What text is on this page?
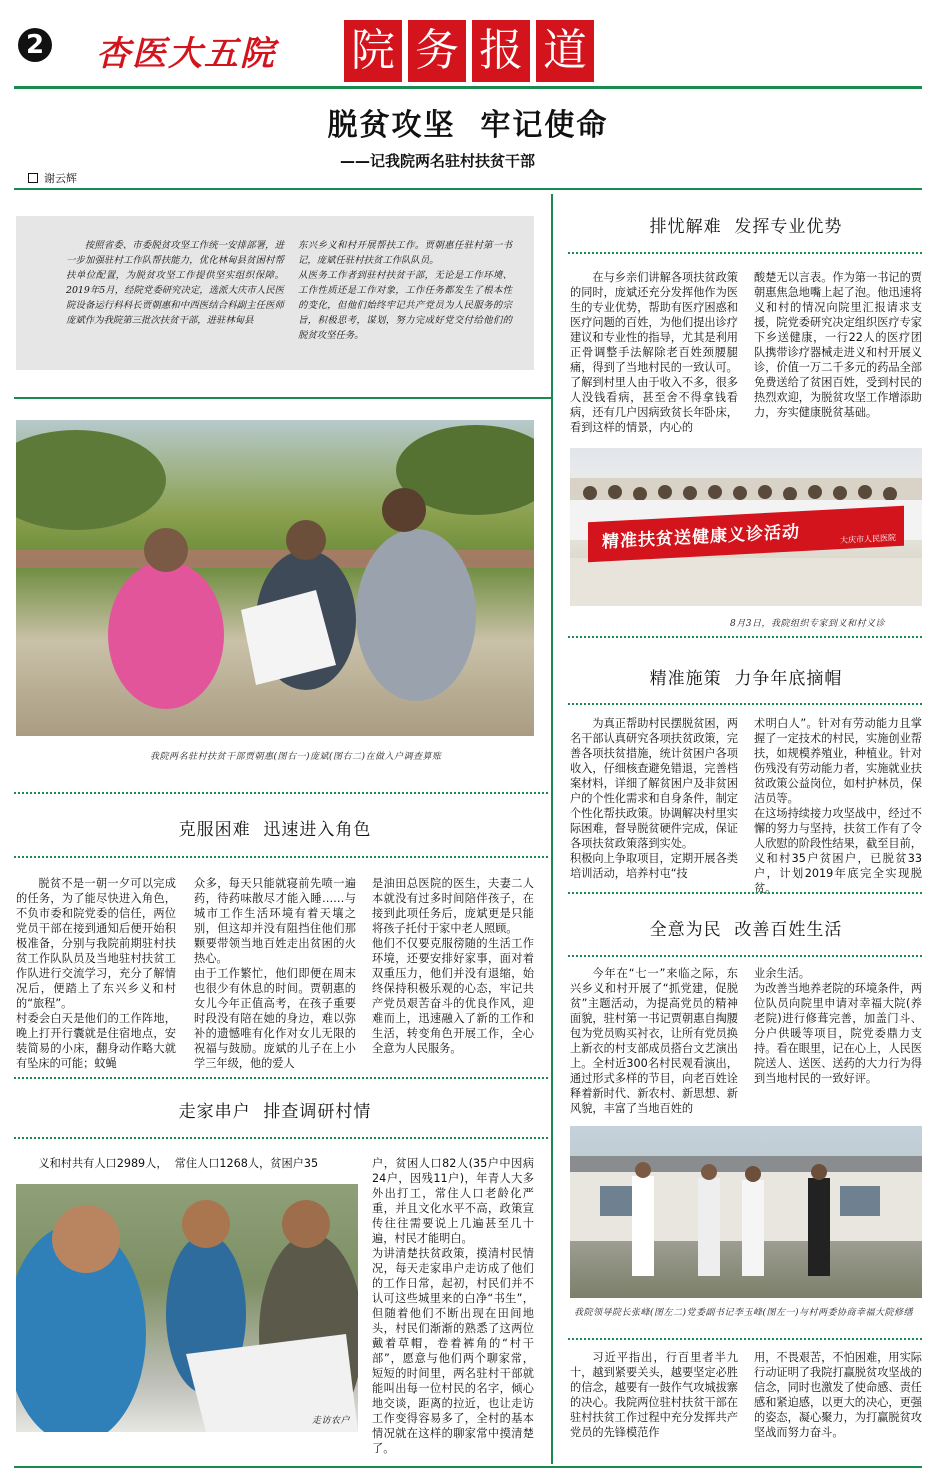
2 杏医大五院 院 务 报 道
脱贫攻坚  牢记使命
——记我院两名驻村扶贫干部
谢云辉
按照省委、市委脱贫攻坚工作统一安排部署，进一步加强驻村工作队帮扶能力，优化林甸县贫困村帮扶单位配置，为脱贫攻坚工作提供坚实组织保障。2019年5月，经院党委研究决定，选派大庆市人民医院设备运行科科长贾朝惠和中西医结合科副主任医师庞斌作为我院第三批次扶贫干部，进驻林甸县
东兴乡义和村开展帮扶工作。贾朝惠任驻村第一书记，庞斌任驻村扶贫工作队队员。
从医务工作者到驻村扶贫干部，无论是工作环境、工作性质还是工作对象，工作任务都发生了根本性的变化，但他们始终牢记共产党员为人民服务的宗旨，积极思考，谋划，努力完成好党交付给他们的脱贫攻坚任务。
我院两名驻村扶贫干部贾朝惠(图右一)庞斌(图右二)在做入户调查算账
克服困难  迅速进入角色
脱贫不是一朝一夕可以完成的任务，为了能尽快进入角色，不负市委和院党委的信任，两位党员干部在接到通知后便开始积极准备，分别与我院前期驻村扶贫工作队队员及当地驻村扶贫工作队进行交流学习，充分了解情况后，便踏上了东兴乡义和村的“旅程”。
村委会白天是他们的工作阵地，晚上打开行囊就是住宿地点，安装简易的小床，翻身动作略大就有坠床的可能；蚊蝇
众多，每天只能就寝前先喷一遍药，待药味散尽才能入睡……与城市工作生活环境有着天壤之别，但这却并没有阻挡住他们那颗要带领当地百姓走出贫困的火热心。
由于工作繁忙，他们即便在周末也很少有休息的时间。贾朝惠的女儿今年正值高考，在孩子重要时段没有陪在她的身边，难以弥补的遗憾唯有化作对女儿无限的祝福与鼓励。庞斌的儿子在上小学三年级，他的爱人
是油田总医院的医生，夫妻二人本就没有过多时间陪伴孩子，在接到此项任务后，庞斌更是只能将孩子托付于家中老人照顾。
他们不仅要克服徬随的生活工作环境，还要安排好家事，面对着双重压力，他们并没有退缩，始终保持积极乐观的心态，牢记共产党员艰苦奋斗的优良作风，迎难而上，迅速融入了新的工作和生活，转变角色开展工作，全心全意为人民服务。
走家串户  排查调研村情
义和村共有人口2989人，  常住人口1268人，贫困户35
走访农户
户，贫困人口82人(35户中因病24户，因残11户)，年青人大多外出打工，常住人口老龄化严重，并且文化水平不高，政策宣传往往需要说上几遍甚至几十遍，村民才能明白。
为讲清楚扶贫政策，摸清村民情况，每天走家串户走访成了他们的工作日常，起初，村民们并不认可这些城里来的白净“书生”，但随着他们不断出现在田间地头，村民们渐渐的熟悉了这两位戴着草帽，卷着裤角的“村干部”，愿意与他们两个聊家常，短短的时间里，两名驻村干部就能叫出每一位村民的名字，倾心地交谈，距离的拉近，也让走访工作变得容易多了，全村的基本情况就在这样的聊家常中摸清楚了。
排忧解难  发挥专业优势
在与乡亲们讲解各项扶贫政策的同时，庞斌还充分发挥他作为医生的专业优势，帮助有医疗困惑和医疗问题的百姓，为他们提出诊疗建议和专业性的指导，尤其是利用正骨调整手法解除老百姓颈腰腿痛，得到了当地村民的一致认可。
了解到村里人由于收入不多，很多人没钱看病，甚至舍不得拿钱看病，还有几户因病致贫长年卧床，看到这样的情景，内心的
酸楚无以言表。作为第一书记的贾朝惠焦急地嘴上起了泡。他迅速将义和村的情况向院里汇报请求支援，院党委研究决定组织医疗专家下乡送健康，一行22人的医疗团队携带诊疗器械走进义和村开展义诊，价值一万二千多元的药品全部免费送给了贫困百姓，受到村民的热烈欢迎，为脱贫攻坚工作增添助力，夯实健康脱贫基础。
精准扶贫送健康义诊活动	大庆市人民医院
8月3日，我院组织专家到义和村义诊
精准施策  力争年底摘帽
为真正帮助村民摆脱贫困，两名干部认真研究各项扶贫政策，完善各项扶贫措施，统计贫困户各项收入，仔细核查避免错退，完善档案材料，详细了解贫困户及非贫困户的个性化需求和自身条件，制定个性化帮扶政策。协调解决村里实际困难，督导脱贫硬件完成，保证各项扶贫政策落到实处。
积极向上争取项目，定期开展各类培训活动，培养村屯“技
术明白人”。针对有劳动能力且掌握了一定技术的村民，实施创业帮扶，如规模养殖业，种植业。针对伤残没有劳动能力者，实施就业扶贫政策公益岗位，如村护林员，保洁员等。
在这场持续接力攻坚战中，经过不懈的努力与坚持，扶贫工作有了令人欣慰的阶段性结果，截至目前，义和村35户贫困户，已脱贫33户，计划2019年底完全实现脱贫。
全意为民  改善百姓生活
今年在“七一”来临之际，东兴乡义和村开展了“抓党建，促脱贫”主题活动，为提高党员的精神面貌，驻村第一书记贾朝惠自掏腰包为党员购买衬衣，让所有党员换上新衣的村支部成员搭台文艺演出上。全村近300名村民观看演出，通过形式多样的节目，向老百姓诠释着新时代、新农村、新思想、新风貌，丰富了当地百姓的
业余生活。
为改善当地养老院的环境条件，两位队员向院里申请对幸福大院(养老院)进行修葺完善，加盖门斗、分户供暖等项目，院党委鼎力支持。看在眼里，记在心上，人民医院送人、送医、送药的大力行为得到当地村民的一致好评。
我院领导院长张峰(图左二)党委副书记李玉峰(图左一)与村两委协商幸福大院修缮
习近平指出，行百里者半九十，越到紧要关头，越要坚定必胜的信念，越要有一鼓作气攻城拔寨的决心。我院两位驻村扶贫干部在驻村扶贫工作过程中充分发挥共产党员的先锋模范作
用，不畏艰苦，不怕困难，用实际行动证明了我院打赢脱贫攻坚战的信念，同时也激发了使命感、责任感和紧迫感，以更大的决心，更强的姿态，凝心聚力，为打赢脱贫攻坚战而努力奋斗。
